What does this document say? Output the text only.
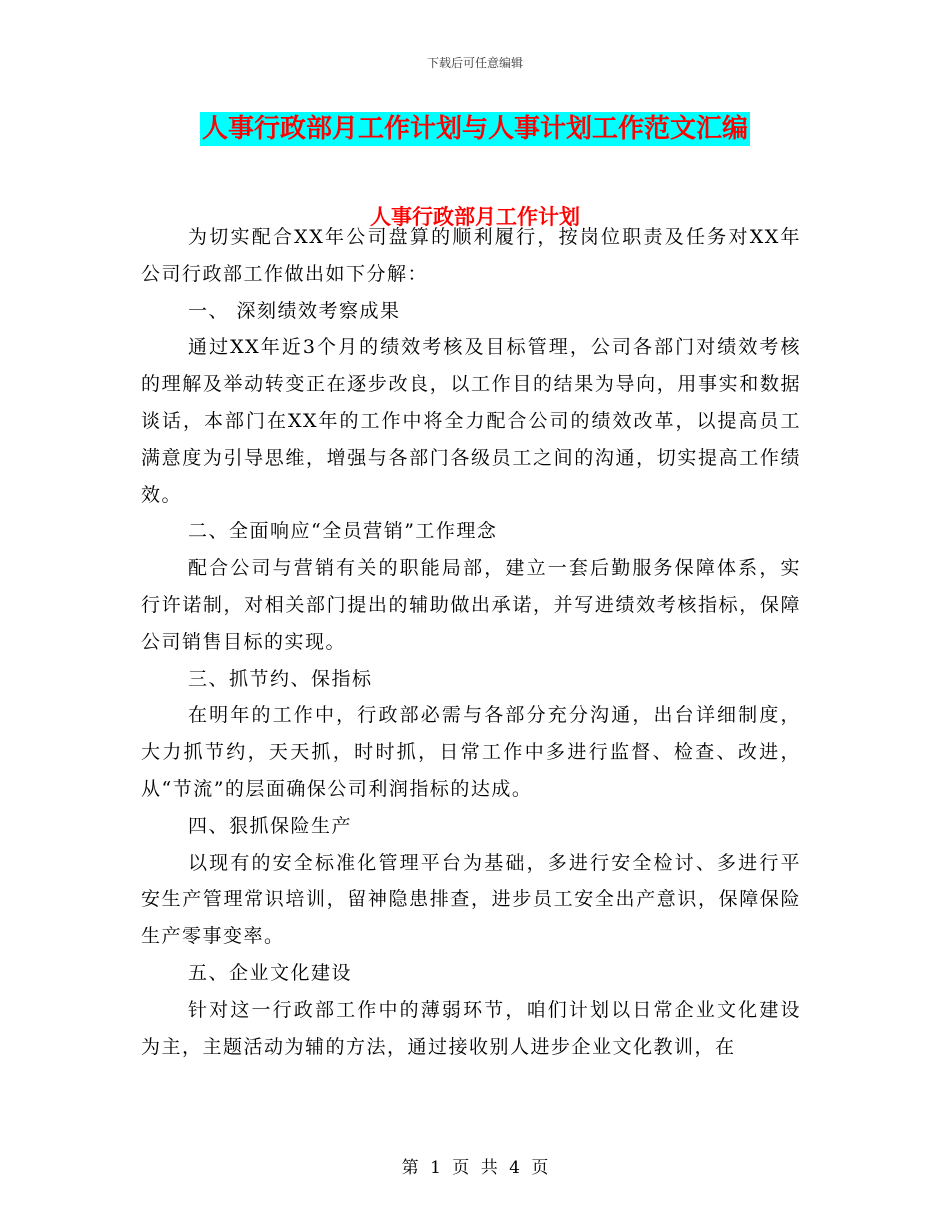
下载后可任意编辑
人事行政部月工作计划与人事计划工作范文汇编
人事行政部月工作计划

为切实配合XX年公司盘算的顺利履行，按岗位职责及任务对XX年公司行政部工作做出如下分解：

一、 深刻绩效考察成果

通过XX年近3个月的绩效考核及目标管理，公司各部门对绩效考核的理解及举动转变正在逐步改良，以工作目的结果为导向，用事实和数据谈话，本部门在XX年的工作中将全力配合公司的绩效改革，以提高员工满意度为引导思维，增强与各部门各级员工之间的沟通，切实提高工作绩效。

二、全面响应“全员营销”工作理念

配合公司与营销有关的职能局部，建立一套后勤服务保障体系，实行许诺制，对相关部门提出的辅助做出承诺，并写进绩效考核指标，保障公司销售目标的实现。

三、抓节约、保指标

在明年的工作中，行政部必需与各部分充分沟通，出台详细制度，大力抓节约，天天抓，时时抓，日常工作中多进行监督、检查、改进，从“节流”的层面确保公司利润指标的达成。

四、狠抓保险生产

以现有的安全标准化管理平台为基础，多进行安全检讨、多进行平安生产管理常识培训，留神隐患排查，进步员工安全出产意识，保障保险生产零事变率。

五、企业文化建设

针对这一行政部工作中的薄弱环节，咱们计划以日常企业文化建设为主，主题活动为辅的方法，通过接收别人进步企业文化教训，在

第 1 页 共 4 页
